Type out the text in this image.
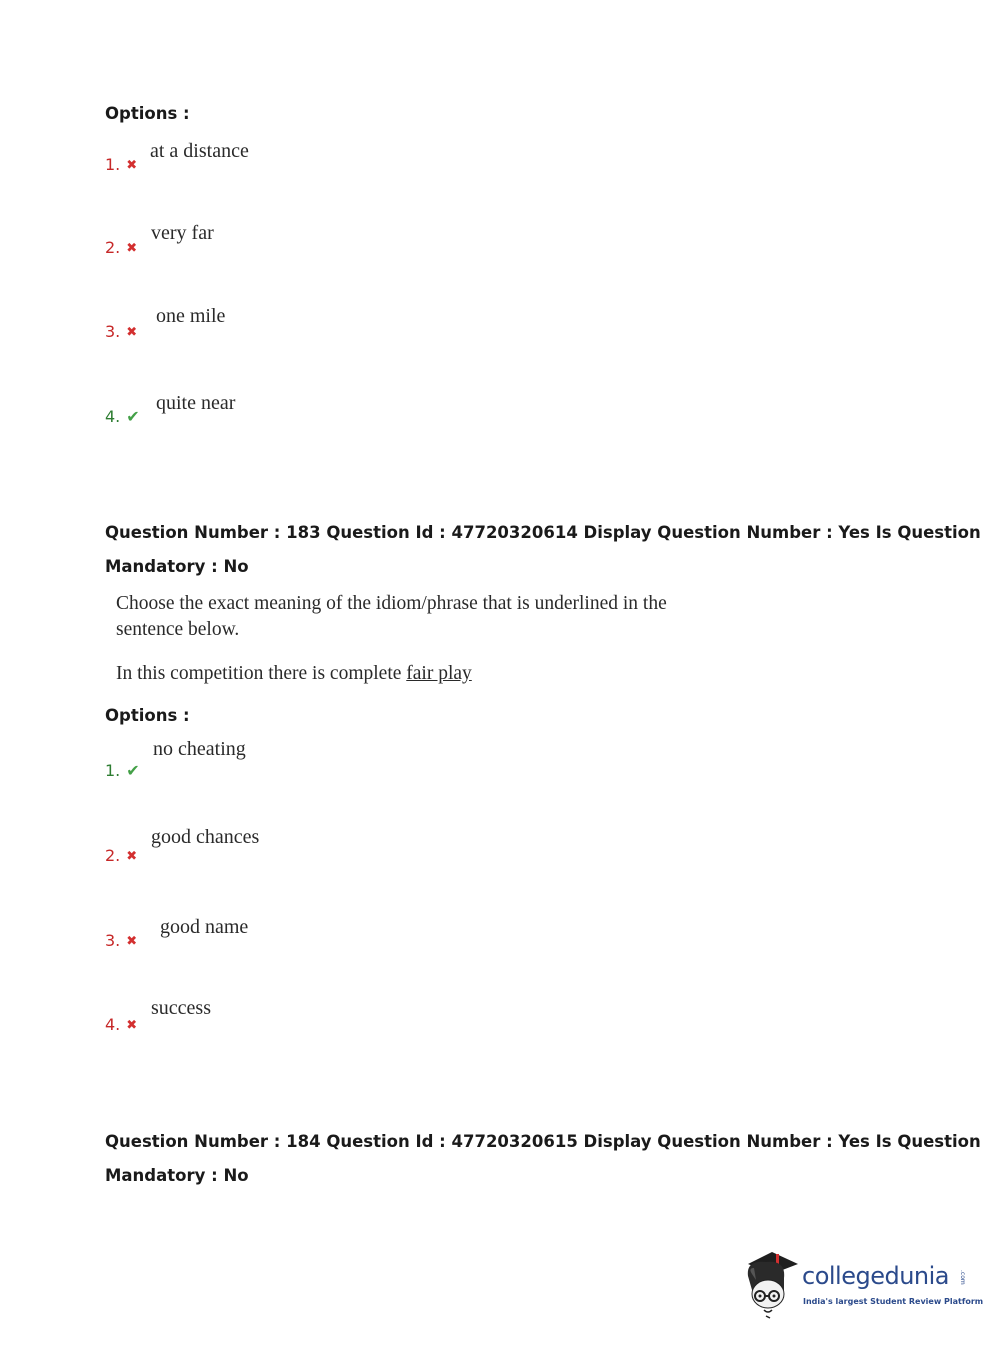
Options :
1. ✖
at a distance
2. ✖
very far
3. ✖
one mile
4. ✔
quite near
Question Number : 183 Question Id : 47720320614 Display Question Number : Yes Is Question
Mandatory : No
Choose the exact meaning of the idiom/phrase that is underlined in the
sentence below.
In this competition there is complete fair play
Options :
1. ✔
no cheating
2. ✖
good chances
3. ✖
good name
4. ✖
success
Question Number : 184 Question Id : 47720320615 Display Question Number : Yes Is Question
Mandatory : No
collegedunia .com
India's largest Student Review Platform
